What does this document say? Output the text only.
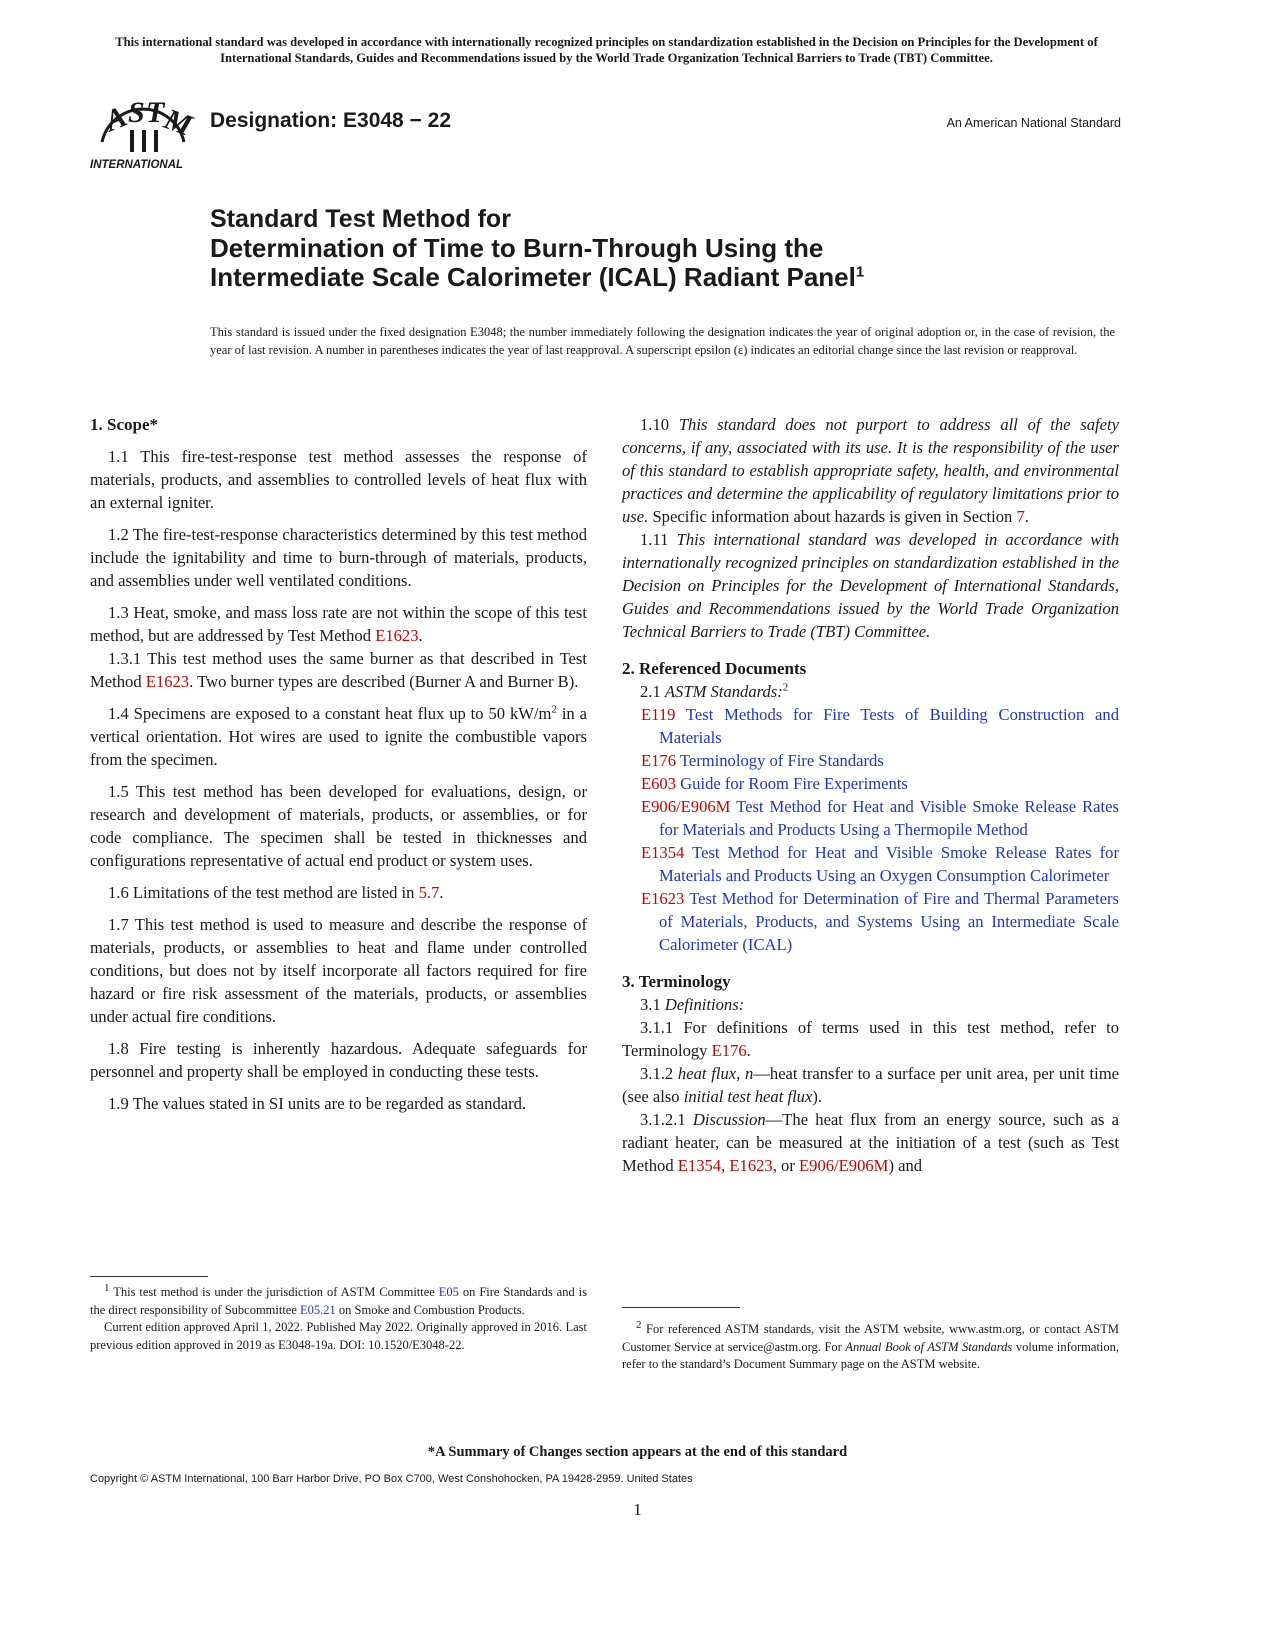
This international standard was developed in accordance with internationally recognized principles on standardization established in the Decision on Principles for the Development of International Standards, Guides and Recommendations issued by the World Trade Organization Technical Barriers to Trade (TBT) Committee.
A
S T
M
INTERNATIONAL
Designation: E3048 − 22	An American National Standard
Standard Test Method for
Determination of Time to Burn-Through Using the
Intermediate Scale Calorimeter (ICAL) Radiant Panel$^1$
This standard is issued under the fixed designation E3048; the number immediately following the designation indicates the year of original adoption or, in the case of revision, the year of last revision. A number in parentheses indicates the year of last reapproval. A superscript epsilon (ε) indicates an editorial change since the last revision or reapproval.
1. Scope*

1.1 This fire-test-response test method assesses the response of materials, products, and assemblies to controlled levels of heat flux with an external igniter.

1.2 The fire-test-response characteristics determined by this test method include the ignitability and time to burn-through of materials, products, and assemblies under well ventilated conditions.

1.3 Heat, smoke, and mass loss rate are not within the scope of this test method, but are addressed by Test Method E1623.

1.3.1 This test method uses the same burner as that described in Test Method E1623. Two burner types are described (Burner A and Burner B).

1.4 Specimens are exposed to a constant heat flux up to 50 $kW/m^2$ in a vertical orientation. Hot wires are used to ignite the combustible vapors from the specimen.

1.5 This test method has been developed for evaluations, design, or research and development of materials, products, or assemblies, or for code compliance. The specimen shall be tested in thicknesses and configurations representative of actual end product or system uses.

1.6 Limitations of the test method are listed in 5.7.

1.7 This test method is used to measure and describe the response of materials, products, or assemblies to heat and flame under controlled conditions, but does not by itself incorporate all factors required for fire hazard or fire risk assessment of the materials, products, or assemblies under actual fire conditions.

1.8 Fire testing is inherently hazardous. Adequate safeguards for personnel and property shall be employed in conducting these tests.

1.9 The values stated in SI units are to be regarded as standard.

1.10 This standard does not purport to address all of the safety concerns, if any, associated with its use. It is the responsibility of the user of this standard to establish appropriate safety, health, and environmental practices and determine the applicability of regulatory limitations prior to use. Specific information about hazards is given in Section 7.

1.11 This international standard was developed in accordance with internationally recognized principles on standardization established in the Decision on Principles for the Development of International Standards, Guides and Recommendations issued by the World Trade Organization Technical Barriers to Trade (TBT) Committee.

2. Referenced Documents

2.1 ASTM Standards:$^2$

E119 Test Methods for Fire Tests of Building Construction and Materials
E176 Terminology of Fire Standards
E603 Guide for Room Fire Experiments
E906/E906M Test Method for Heat and Visible Smoke Release Rates for Materials and Products Using a Thermopile Method
E1354 Test Method for Heat and Visible Smoke Release Rates for Materials and Products Using an Oxygen Consumption Calorimeter
E1623 Test Method for Determination of Fire and Thermal Parameters of Materials, Products, and Systems Using an Intermediate Scale Calorimeter (ICAL)
3. Terminology

3.1 Definitions:

3.1.1 For definitions of terms used in this test method, refer to Terminology E176.

3.1.2 heat flux, n—heat transfer to a surface per unit area, per unit time (see also initial test heat flux).

3.1.2.1 Discussion—The heat flux from an energy source, such as a radiant heater, can be measured at the initiation of a test (such as Test Method E1354, E1623, or E906/E906M) and

$^1$ This test method is under the jurisdiction of ASTM Committee E05 on Fire Standards and is the direct responsibility of Subcommittee E05.21 on Smoke and Combustion Products.

Current edition approved April 1, 2022. Published May 2022. Originally approved in 2016. Last previous edition approved in 2019 as E3048-19a. DOI: 10.1520/E3048-22.

$^2$ For referenced ASTM standards, visit the ASTM website, www.astm.org, or contact ASTM Customer Service at service@astm.org. For Annual Book of ASTM Standards volume information, refer to the standard’s Document Summary page on the ASTM website.

*A Summary of Changes section appears at the end of this standard
Copyright © ASTM International, 100 Barr Harbor Drive, PO Box C700, West Conshohocken, PA 19428-2959. United States
1
